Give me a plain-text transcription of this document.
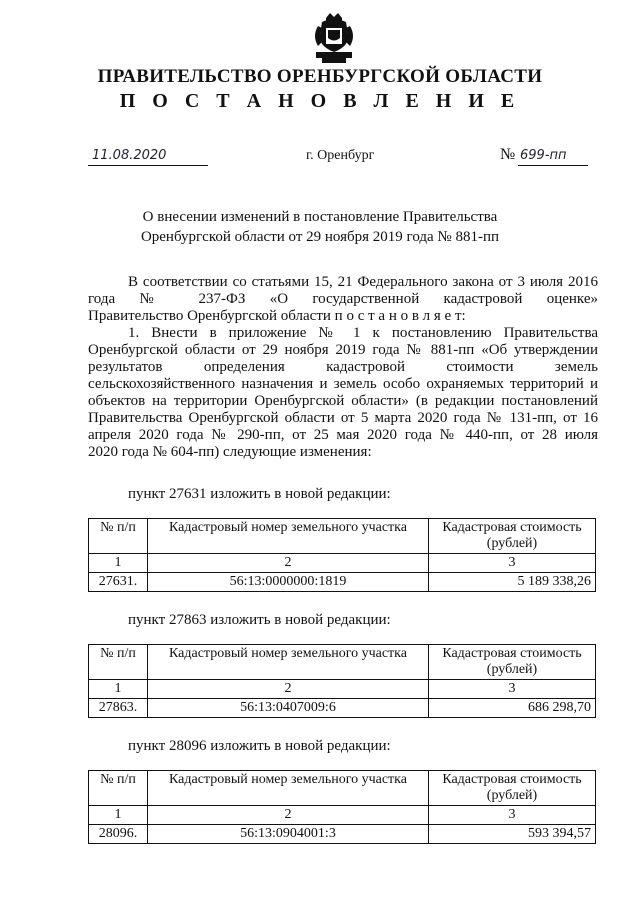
ПРАВИТЕЛЬСТВО ОРЕНБУРГСКОЙ ОБЛАСТИ
П О С Т А Н О В Л Е Н И Е
11.08.2020	г. Оренбург	№ 699-пп
О внесении изменений в постановление Правительства
Оренбургской области от 29 ноября 2019 года № 881-пп

В соответствии со статьями 15, 21 Федерального закона от 3 июля 2016 года № 237-ФЗ «О государственной кадастровой оценке»

Правительство Оренбургской области п о с т а н о в л я е т:

1. Внести в приложение № 1 к постановлению Правительства Оренбургской области от 29 ноября 2019 года № 881-пп «Об утверждении результатов определения кадастровой стоимости земель сельскохозяйственного назначения и земель особо охраняемых территорий и объектов на территории Оренбургской области» (в редакции постановлений Правительства Оренбургской области от 5 марта 2020 года № 131-пп, от 16 апреля 2020 года № 290-пп, от 25 мая 2020 года № 440-пп, от 28 июля

2020 года № 604-пп) следующие изменения:

пункт 27631 изложить в новой редакции:
№ п/п	Кадастровый номер земельного участка	Кадастровая стоимость (рублей)
1	2	3
27631.	56:13:0000000:1819	5 189 338,26
пункт 27863 изложить в новой редакции:
№ п/п	Кадастровый номер земельного участка	Кадастровая стоимость (рублей)
1	2	3
27863.	56:13:0407009:6	686 298,70
пункт 28096 изложить в новой редакции:
№ п/п	Кадастровый номер земельного участка	Кадастровая стоимость (рублей)
1	2	3
28096.	56:13:0904001:3	593 394,57
